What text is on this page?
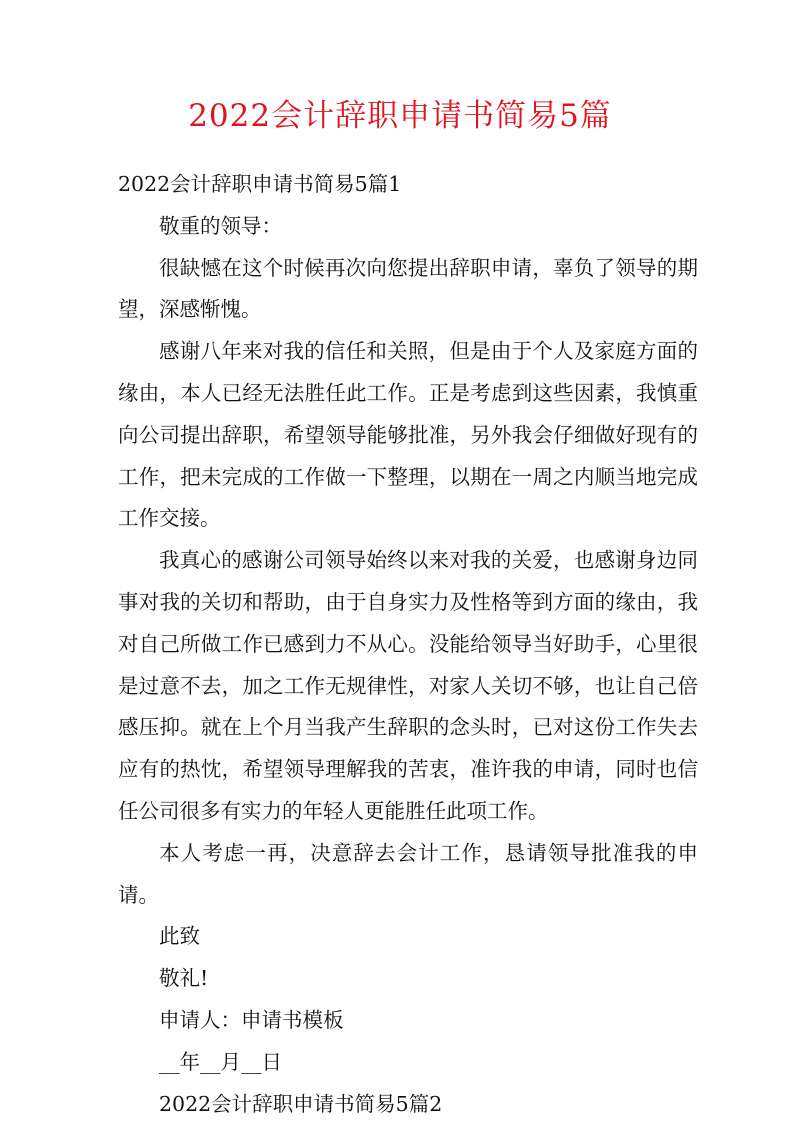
2022会计辞职申请书简易5篇

2022会计辞职申请书简易5篇1

敬重的领导：

很缺憾在这个时候再次向您提出辞职申请，辜负了领导的期望，深感惭愧。

感谢八年来对我的信任和关照，但是由于个人及家庭方面的缘由，本人已经无法胜任此工作。正是考虑到这些因素，我慎重向公司提出辞职，希望领导能够批准，另外我会仔细做好现有的工作，把未完成的工作做一下整理，以期在一周之内顺当地完成工作交接。

我真心的感谢公司领导始终以来对我的关爱，也感谢身边同事对我的关切和帮助，由于自身实力及性格等到方面的缘由，我对自己所做工作已感到力不从心。没能给领导当好助手，心里很是过意不去，加之工作无规律性，对家人关切不够，也让自己倍感压抑。就在上个月当我产生辞职的念头时，已对这份工作失去应有的热忱，希望领导理解我的苦衷，准许我的申请，同时也信任公司很多有实力的年轻人更能胜任此项工作。

本人考虑一再，决意辞去会计工作，恳请领导批准我的申请。

此致

敬礼!

申请人：申请书模板

__年__月__日

2022会计辞职申请书简易5篇2
